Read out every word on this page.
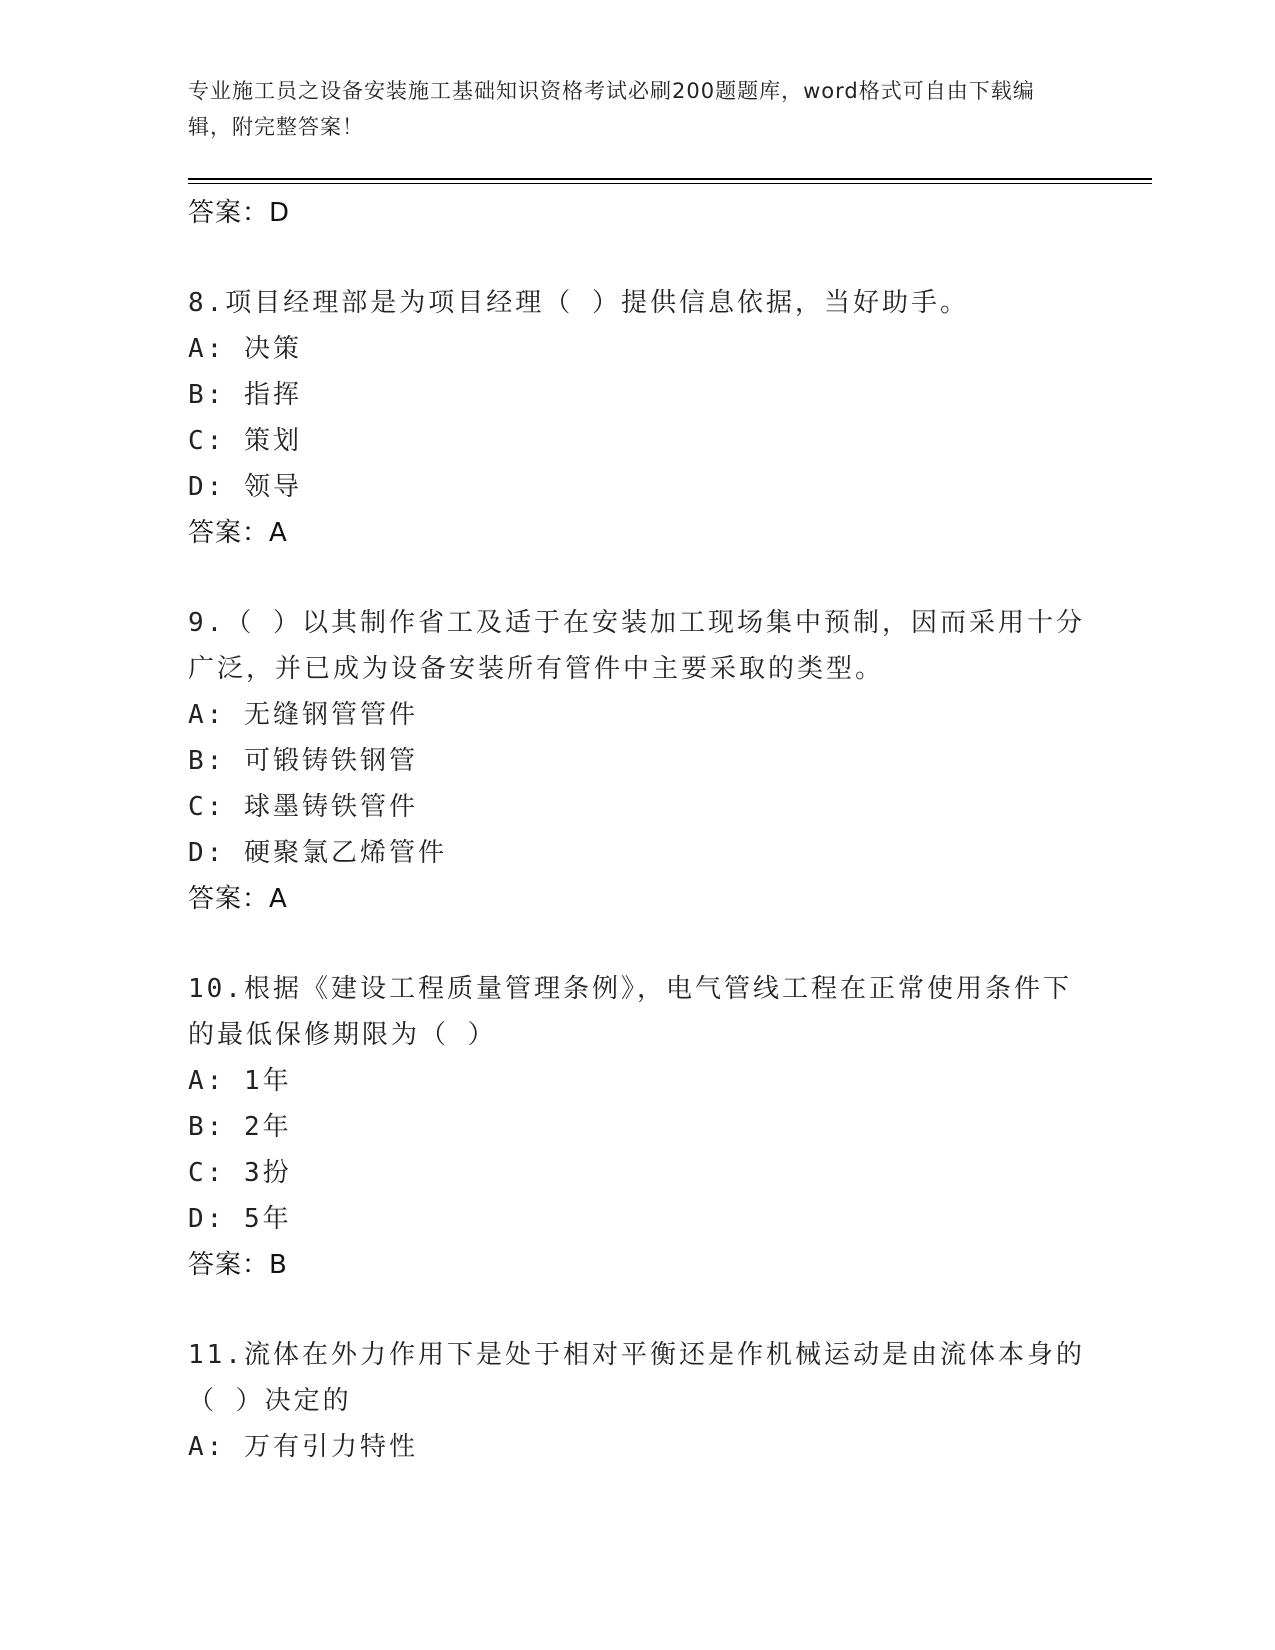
专业施工员之设备安装施工基础知识资格考试必刷200题题库，word格式可自由下载编辑，附完整答案！
答案：D
8.项目经理部是为项目经理（ ）提供信息依据，当好助手。
A: 决策
B: 指挥
C: 策划
D: 领导
答案：A
9.（ ）以其制作省工及适于在安装加工现场集中预制，因而采用十分广泛，并已成为设备安装所有管件中主要采取的类型。
A: 无缝钢管管件
B: 可锻铸铁钢管
C: 球墨铸铁管件
D: 硬聚氯乙烯管件
答案：A
10.根据《建设工程质量管理条例》，电气管线工程在正常使用条件下的最低保修期限为（ ）
A: 1年
B: 2年
C: 3扮
D: 5年
答案：B
11.流体在外力作用下是处于相对平衡还是作机械运动是由流体本身的（ ）决定的
A: 万有引力特性
